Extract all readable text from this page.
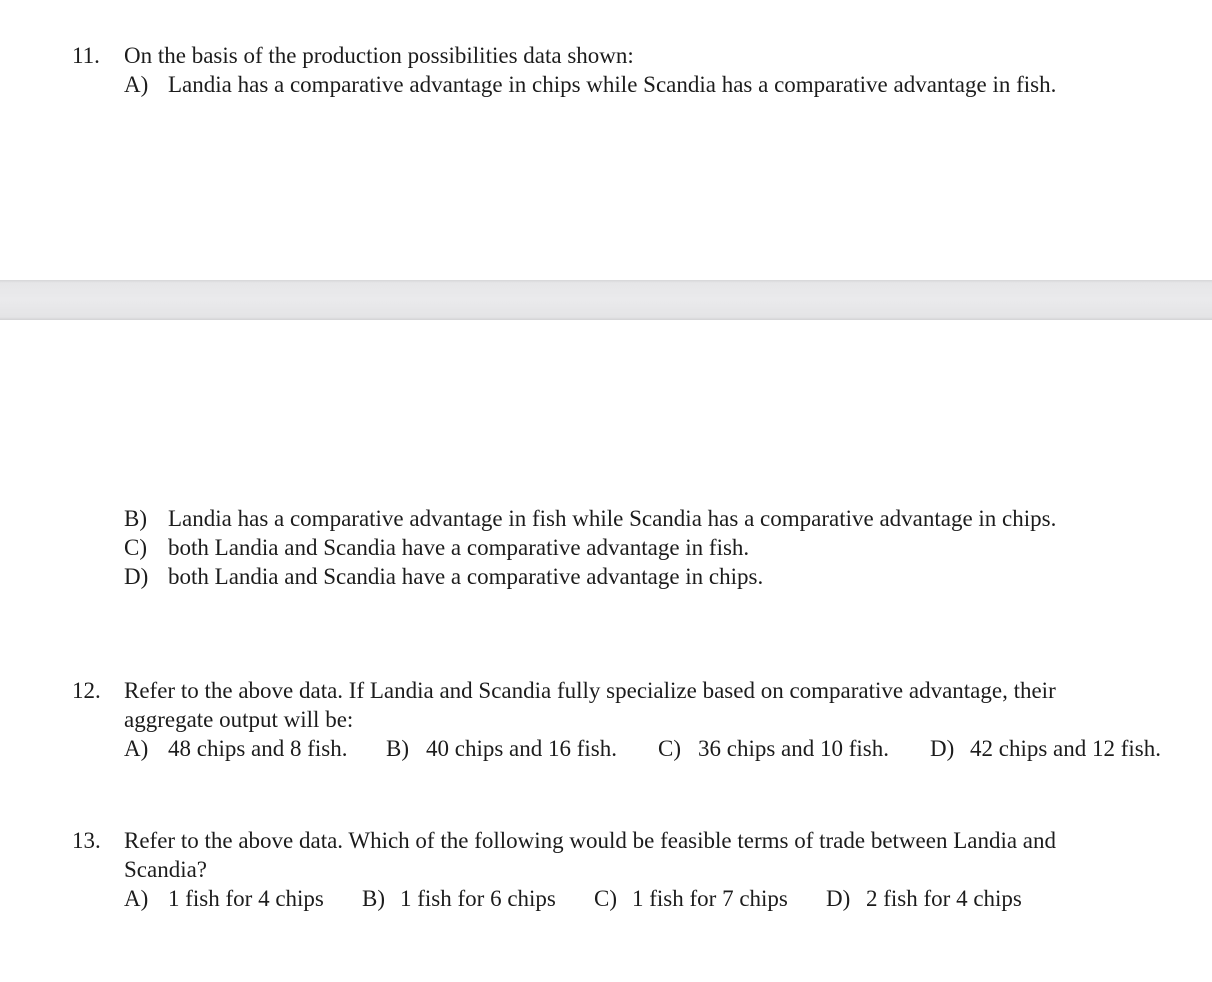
11. On the basis of the production possibilities data shown:
A) Landia has a comparative advantage in chips while Scandia has a comparative advantage in fish.
B) Landia has a comparative advantage in fish while Scandia has a comparative advantage in chips.
C) both Landia and Scandia have a comparative advantage in fish.
D) both Landia and Scandia have a comparative advantage in chips.
12. Refer to the above data. If Landia and Scandia fully specialize based on comparative advantage, their
aggregate output will be:
A) 48 chips and 8 fish. B) 40 chips and 16 fish. C) 36 chips and 10 fish. D) 42 chips and 12 fish.
13. Refer to the above data. Which of the following would be feasible terms of trade between Landia and
Scandia?
A) 1 fish for 4 chips B) 1 fish for 6 chips C) 1 fish for 7 chips D) 2 fish for 4 chips
